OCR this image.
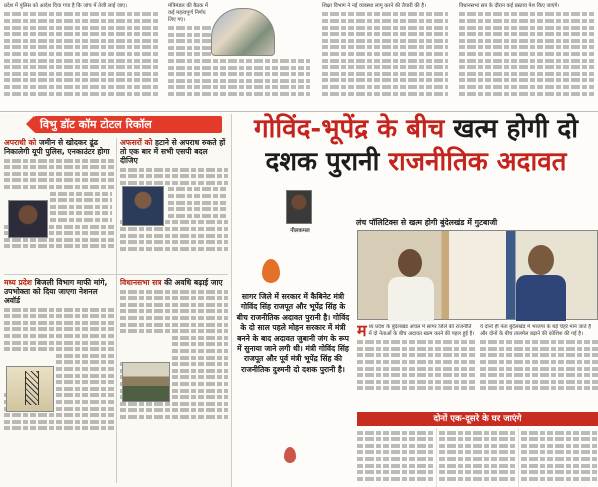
प्रदेश में पुलिस को आदेश दिया गया है कि जांच में तेजी लाई जाए।	मंत्रिमंडल की बैठक में कई महत्वपूर्ण निर्णय लिए गए।

शिक्षा विभाग ने नई व्यवस्था लागू करने की तैयारी की है।	विधानसभा सत्र के दौरान कई प्रस्ताव पेश किए जाएंगे।

विभु डॉट कॉम टोटल रिकॉल
अपराधी को जमीन से खोदकर ढूंढ निकालेगी यूपी पुलिस, एनकाउंटर होगा
अफसरों को हटाने से अपराध रुकते हों तो एक बार में सभी एसपी बदल दीजिए
मध्य प्रदेश बिजली विभाग माफी मांगे, उपभोक्ता को दिया जाएगा नेशनल अवॉर्ड
विधानसभा सत्र की अवधि बढ़ाई जाए
गोविंद-भूपेंद्र के बीच खत्म होगी दो
दशक पुरानी राजनीतिक अदावत
नीलकमल
लंच पॉलिटिक्स से खत्म होगी बुंदेलखंड में गुटबाजी
सागर जिले में सरकार में कैबिनेट मंत्री गोविंद सिंह राजपूत और भूपेंद्र सिंह के बीच राजनीतिक अदावत पुरानी है। गोविंद के दो साल पहले मोहन सरकार में मंत्री बनने के बाद अदावत जुबानी जंग के रूप में सुनाया जाने लगी थी। मंत्री गोविंद सिंह राजपूत और पूर्व मंत्री भूपेंद्र सिंह की राजनीतिक दुश्मनी दो दशक पुरानी है।
मध्य प्रदेश के बुंदेलखंड अंचल में सागर जिले की राजनीति में दो नेताओं के बीच अदावत खत्म करने की पहल हुई है।
ये दोनों ही नेता बुंदेलखंड में भाजपा के बड़े चेहरे माने जाते हैं और दोनों के बीच तालमेल बढ़ाने की कोशिश की गई है।
दोनों एक-दूसरे के घर जाएंगे
